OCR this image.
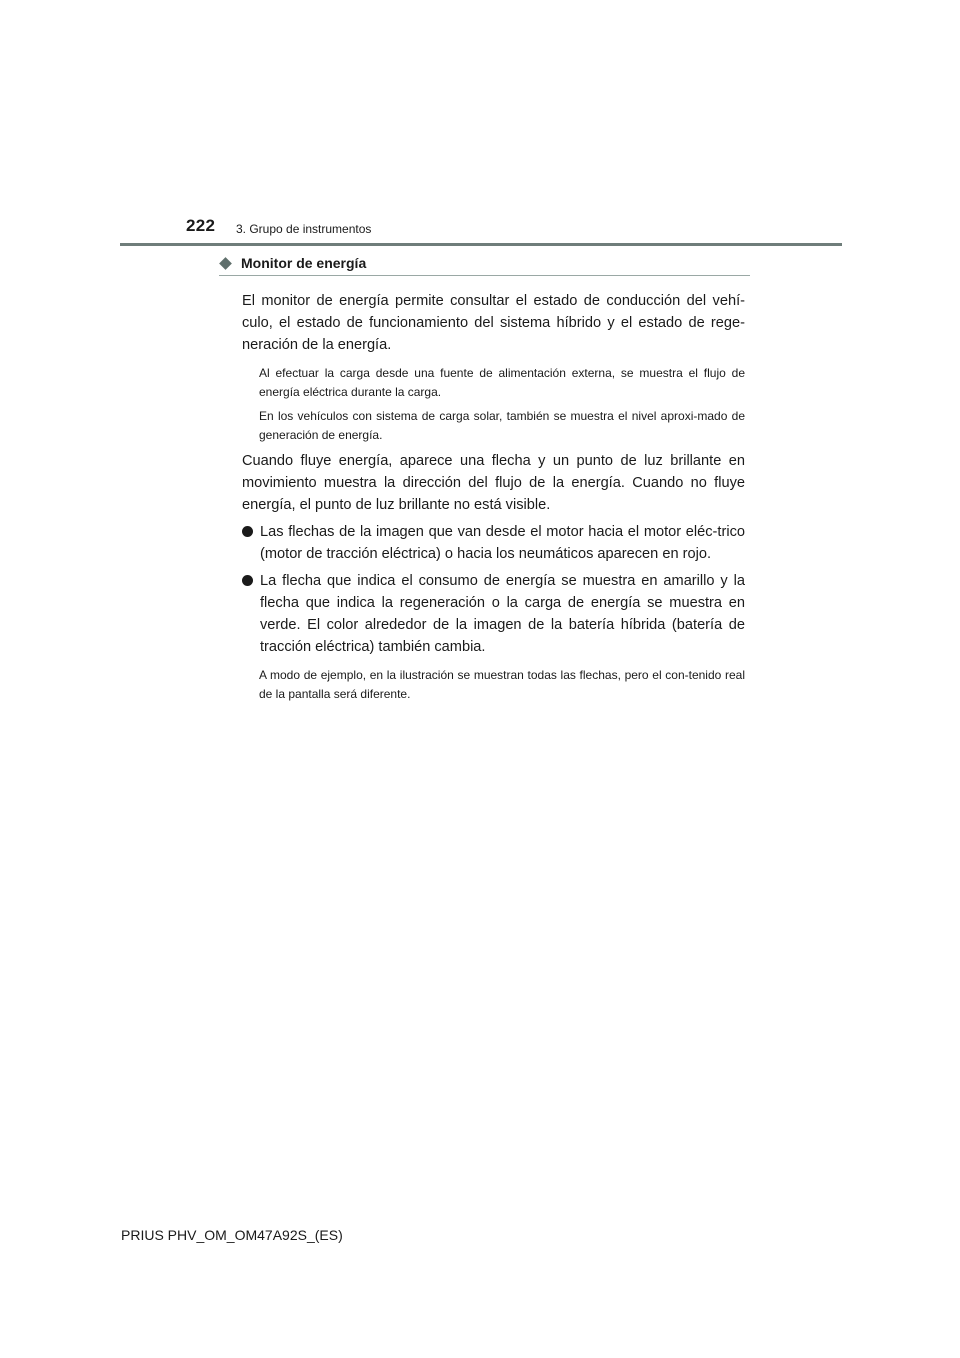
222 3. Grupo de instrumentos
Monitor de energía

El monitor de energía permite consultar el estado de conducción del vehí-culo, el estado de funcionamiento del sistema híbrido y el estado de rege-neración de la energía.

Al efectuar la carga desde una fuente de alimentación externa, se muestra el flujo de energía eléctrica durante la carga.

En los vehículos con sistema de carga solar, también se muestra el nivel aproxi-mado de generación de energía.

Cuando fluye energía, aparece una flecha y un punto de luz brillante en movimiento muestra la dirección del flujo de la energía. Cuando no fluye energía, el punto de luz brillante no está visible.

Las flechas de la imagen que van desde el motor hacia el motor eléc-trico (motor de tracción eléctrica) o hacia los neumáticos aparecen en rojo.
La flecha que indica el consumo de energía se muestra en amarillo y la flecha que indica la regeneración o la carga de energía se muestra en verde. El color alrededor de la imagen de la batería híbrida (batería de tracción eléctrica) también cambia.

A modo de ejemplo, en la ilustración se muestran todas las flechas, pero el con-tenido real de la pantalla será diferente.

PRIUS PHV_OM_OM47A92S_(ES)
